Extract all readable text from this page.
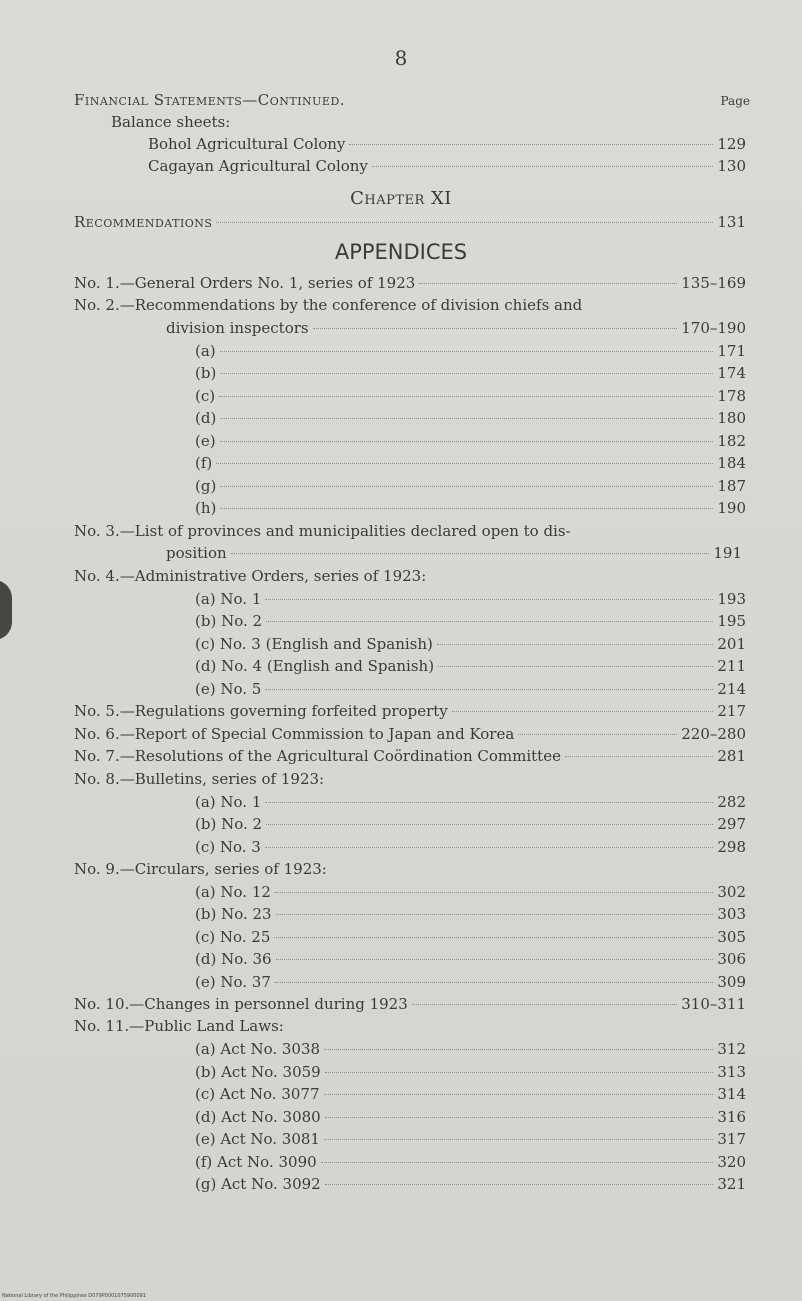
8
Financial Statements—Continued.	Page
Balance sheets:
Bohol Agricultural Colony	129
Cagayan Agricultural Colony	130
Chapter XI
Recommendations	131
APPENDICES
No. 1.—General Orders No. 1, series of 1923	135–169
No. 2.—Recommendations by the conference of division chiefs and
division inspectors	170–190
(a)	171
(b)	174
(c)	178
(d)	180
(e)	182
(f)	184
(g)	187
(h)	190
No. 3.—List of provinces and municipalities declared open to dis-
position	191
No. 4.—Administrative Orders, series of 1923:
(a) No. 1	193
(b) No. 2	195
(c) No. 3 (English and Spanish)	201
(d) No. 4 (English and Spanish)	211
(e) No. 5	214
No. 5.—Regulations governing forfeited property	217
No. 6.—Report of Special Commission to Japan and Korea	220–280
No. 7.—Resolutions of the Agricultural Coördination Committee	281
No. 8.—Bulletins, series of 1923:
(a) No. 1	282
(b) No. 2	297
(c) No. 3	298
No. 9.—Circulars, series of 1923:
(a) No. 12	302
(b) No. 23	303
(c) No. 25	305
(d) No. 36	306
(e) No. 37	309
No. 10.—Changes in personnel during 1923	310–311
No. 11.—Public Land Laws:
(a) Act No. 3038	312
(b) Act No. 3059	313
(c) Act No. 3077	314
(d) Act No. 3080	316
(e) Act No. 3081	317
(f) Act No. 3090	320
(g) Act No. 3092	321
National Library of the Philippines D079P0001075900091
